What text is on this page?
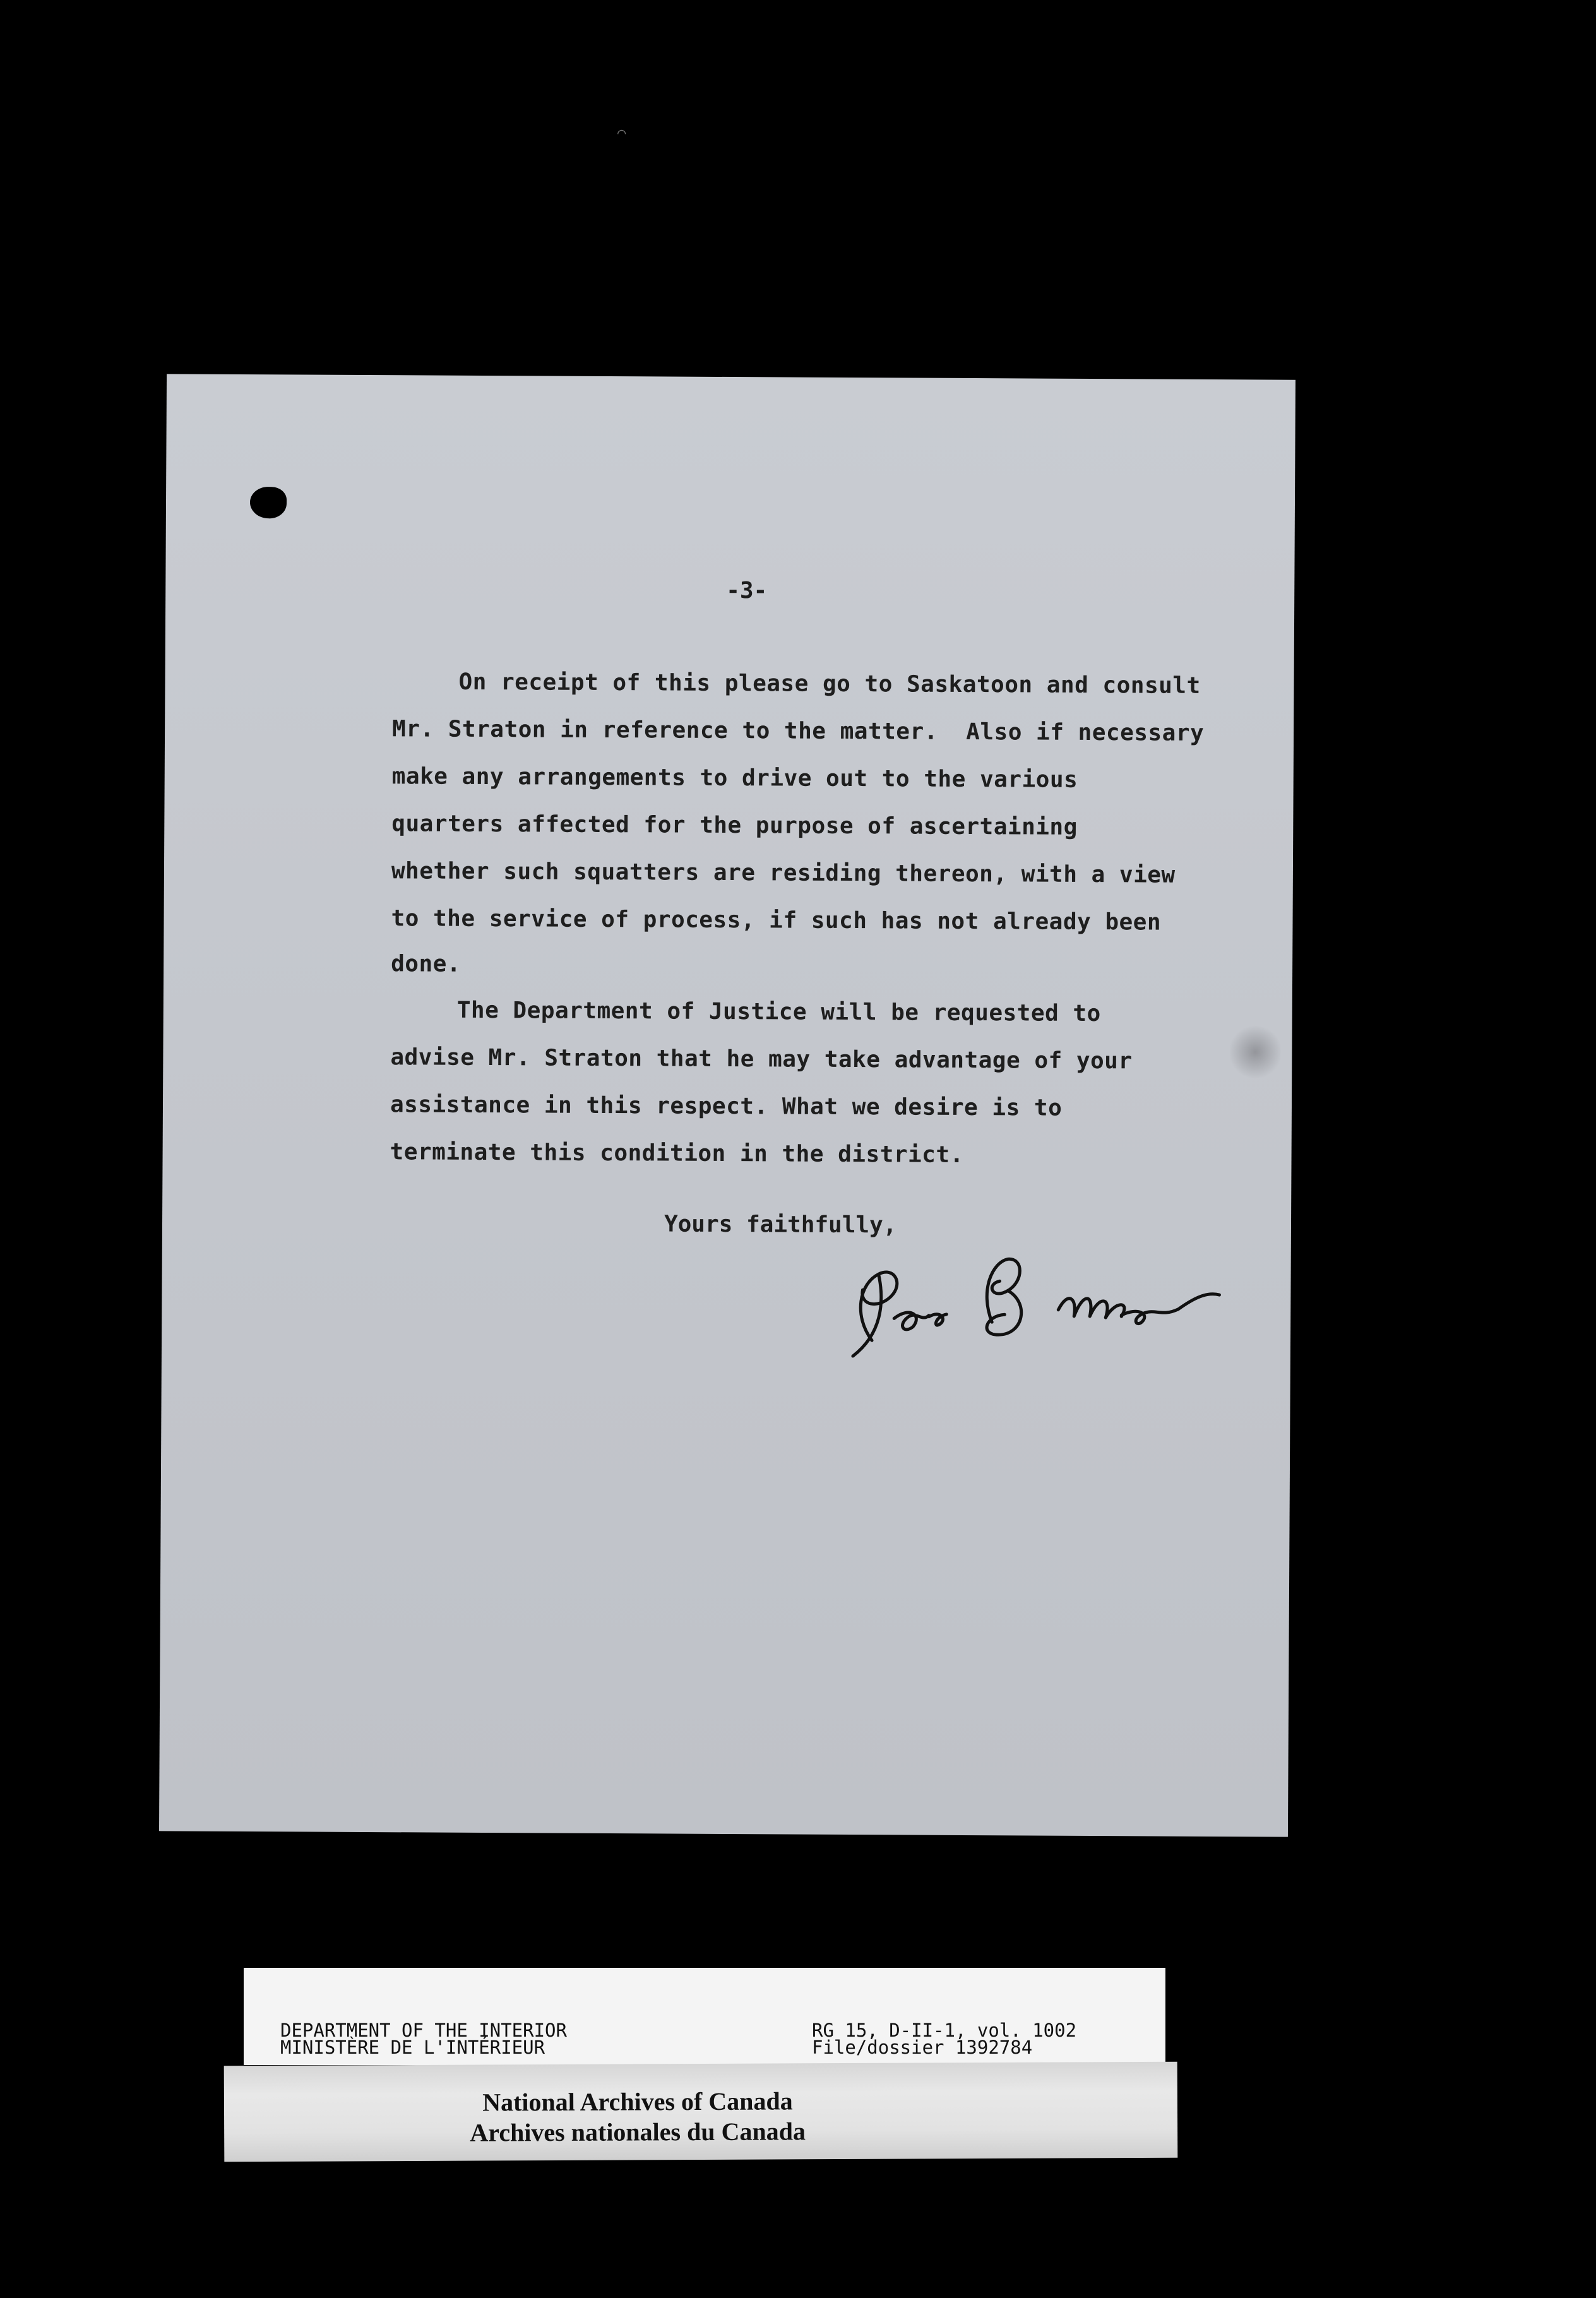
⌒
-3-
On receipt of this please go to Saskatoon and consult
Mr. Straton in reference to the matter.  Also if necessary
make any arrangements to drive out to the various
quarters affected for the purpose of ascertaining
whether such squatters are residing thereon, with a view
to the service of process, if such has not already been
done.
The Department of Justice will be requested to
advise Mr. Straton that he may take advantage of your
assistance in this respect. What we desire is to
terminate this condition in the district.
Yours faithfully,
DEPARTMENT OF THE INTERIOR
MINISTÈRE DE L'INTÉRIEUR
RG 15, D-II-1, vol. 1002
File/dossier 1392784
National Archives of Canada
Archives nationales du Canada
